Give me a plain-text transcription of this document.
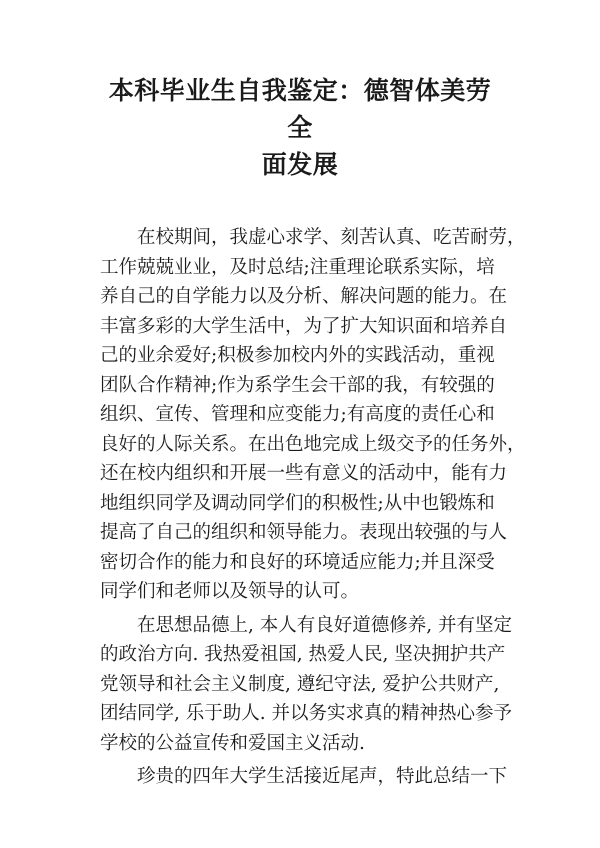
本科毕业生自我鉴定：德智体美劳全
面发展

在校期间，我虚心求学、刻苦认真、吃苦耐劳，
工作兢兢业业，及时总结;注重理论联系实际，培
养自己的自学能力以及分析、解决问题的能力。在
丰富多彩的大学生活中，为了扩大知识面和培养自
己的业余爱好;积极参加校内外的实践活动，重视
团队合作精神;作为系学生会干部的我，有较强的
组织、宣传、管理和应变能力;有高度的责任心和
良好的人际关系。在出色地完成上级交予的任务外，
还在校内组织和开展一些有意义的活动中，能有力
地组织同学及调动同学们的积极性;从中也锻炼和
提高了自己的组织和领导能力。表现出较强的与人
密切合作的能力和良好的环境适应能力;并且深受
同学们和老师以及领导的认可。

在思想品德上, 本人有良好道德修养, 并有坚定
的政治方向. 我热爱祖国, 热爱人民, 坚决拥护共产
党领导和社会主义制度, 遵纪守法, 爱护公共财产,
团结同学, 乐于助人. 并以务实求真的精神热心参予
学校的公益宣传和爱国主义活动.

珍贵的四年大学生活接近尾声，特此总结一下
